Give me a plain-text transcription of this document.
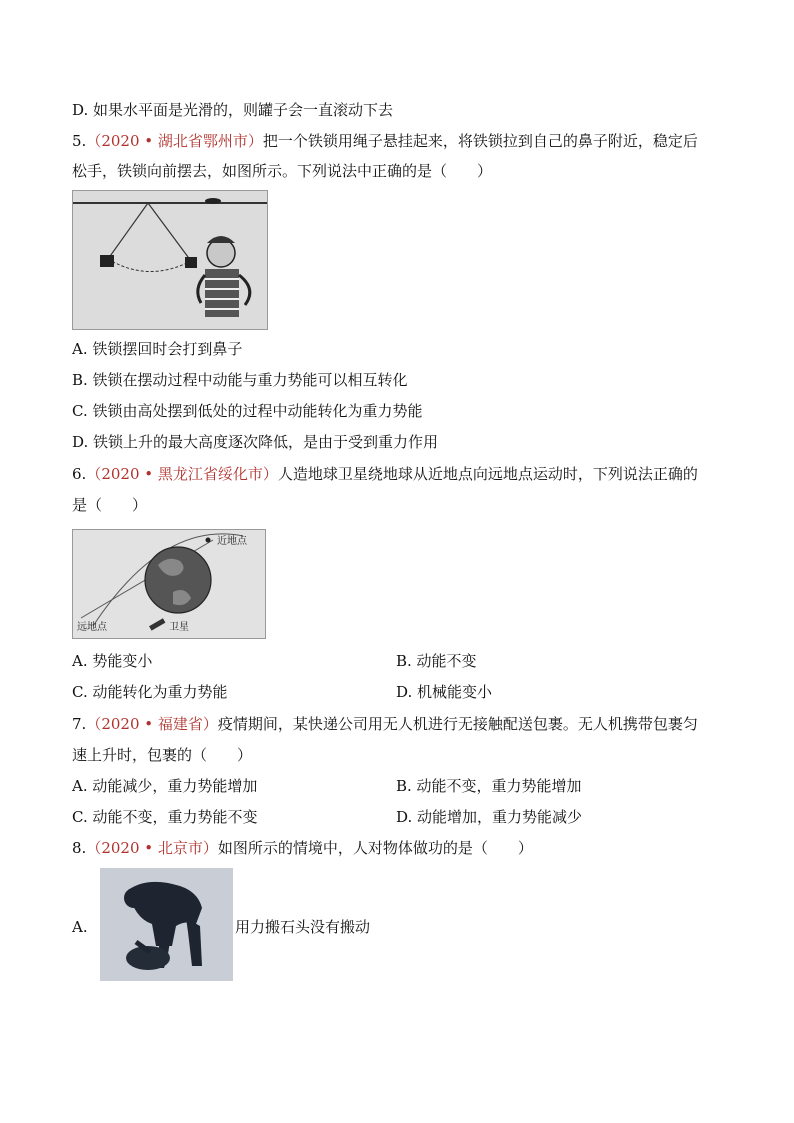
D. 如果水平面是光滑的，则罐子会一直滚动下去
5.（2020 • 湖北省鄂州市）把一个铁锁用绳子悬挂起来，将铁锁拉到自己的鼻子附近，稳定后
松手，铁锁向前摆去，如图所示。下列说法中正确的是（　　）
A. 铁锁摆回时会打到鼻子
B. 铁锁在摆动过程中动能与重力势能可以相互转化
C. 铁锁由高处摆到低处的过程中动能转化为重力势能
D. 铁锁上升的最大高度逐次降低，是由于受到重力作用
6.（2020 • 黑龙江省绥化市）人造地球卫星绕地球从近地点向远地点运动时，下列说法正确的
是（　　）
近地点
远地点	卫星
A. 势能变小	B. 动能不变
C. 动能转化为重力势能	D. 机械能变小
7.（2020 • 福建省）疫情期间，某快递公司用无人机进行无接触配送包裹。无人机携带包裹匀
速上升时，包裹的（　　）
A. 动能减少，重力势能增加	B. 动能不变，重力势能增加
C. 动能不变，重力势能不变	D. 动能增加，重力势能减少
8.（2020 • 北京市）如图所示的情境中，人对物体做功的是（　　）
A.	用力搬石头没有搬动
